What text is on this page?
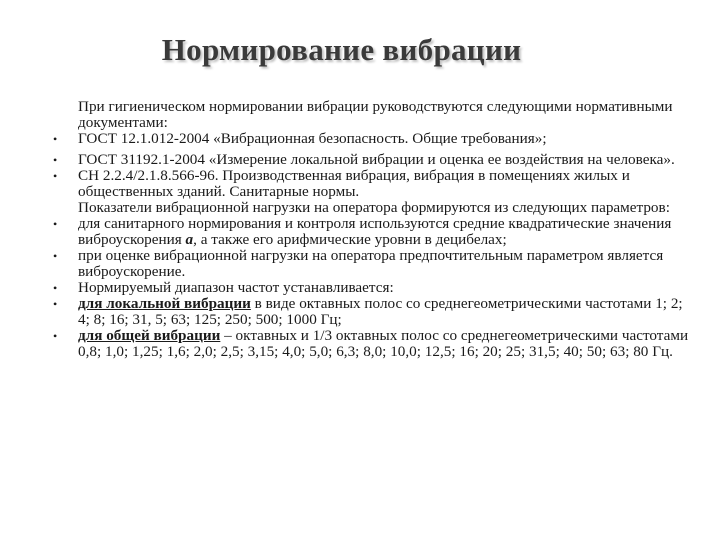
Нормирование вибрации

При гигиеническом нормировании вибрации руководствуются следующими нормативными документами:

• ГОСТ 12.1.012-2004 «Вибрационная безопасность. Общие требования»;

• ГОСТ 31192.1-2004 «Измерение локальной вибрации и оценка ее воздействия на человека».

• СН 2.2.4/2.1.8.566-96. Производственная вибрация, вибрация в помещениях жилых и общественных зданий. Санитарные нормы.

Показатели вибрационной нагрузки на оператора формируются из следующих параметров:

• для санитарного нормирования и контроля используются средние квадратические значения виброускорения a, а также его арифмические уровни в децибелах;

• при оценке вибрационной нагрузки на оператора предпочтительным параметром является виброускорение.

• Нормируемый диапазон частот устанавливается:

• для локальной вибрации в виде октавных полос со среднегеометрическими частотами 1; 2; 4; 8; 16; 31, 5; 63; 125; 250; 500; 1000 Гц;

• для общей вибрации – октавных и 1/3 октавных полос со среднегеометрическими частотами 0,8; 1,0; 1,25; 1,6; 2,0; 2,5; 3,15; 4,0; 5,0; 6,3; 8,0; 10,0; 12,5; 16; 20; 25; 31,5; 40; 50; 63; 80 Гц.
